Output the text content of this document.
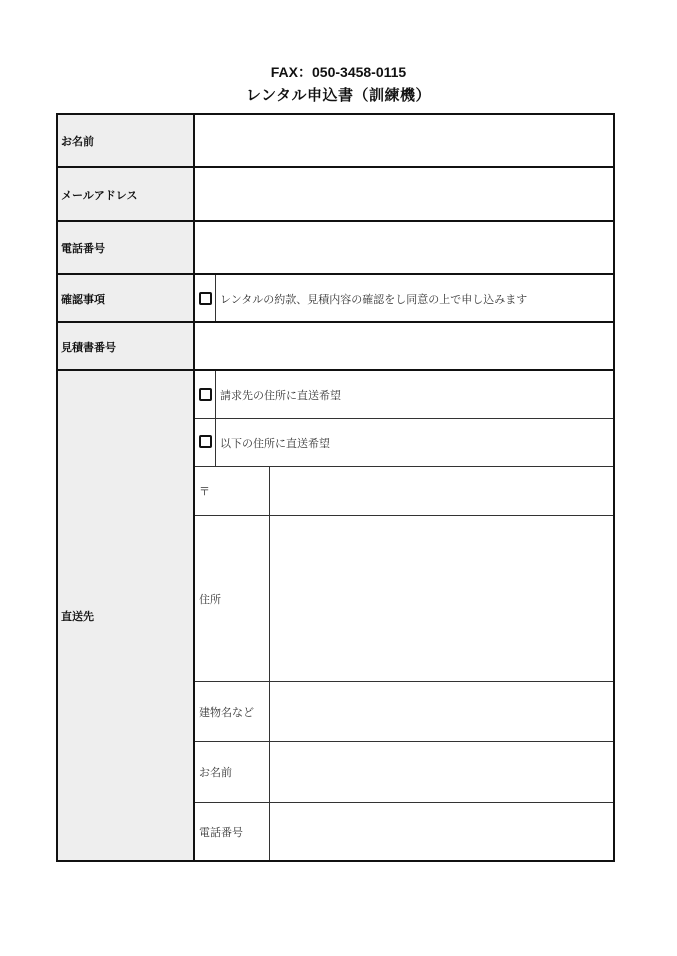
FAX：050-3458-0115
レンタル申込書（訓練機）
お名前
メールアドレス
電話番号
確認事項	レンタルの約款、見積内容の確認をし同意の上で申し込みます
見積書番号
直送先
請求先の住所に直送希望
以下の住所に直送希望
〒
住所
建物名など
お名前
電話番号
